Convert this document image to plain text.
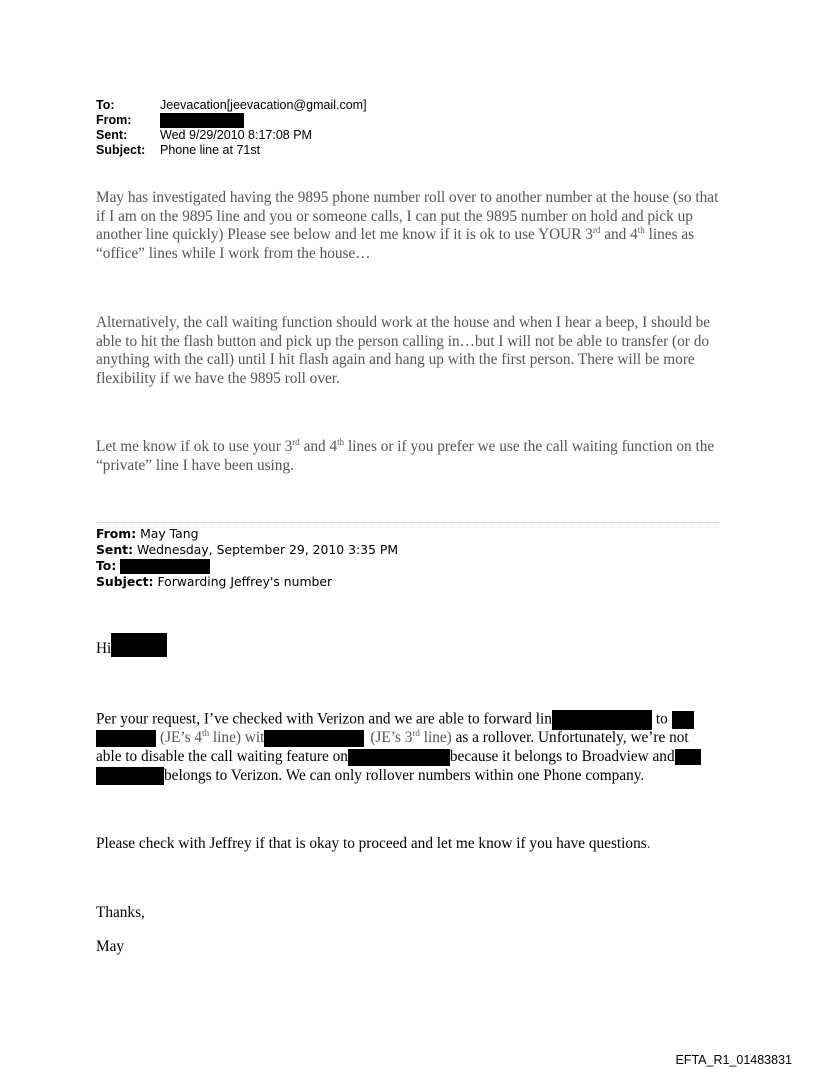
To:	Jeevacation[jeevacation@gmail.com]
From:
Sent:	Wed 9/29/2010 8:17:08 PM
Subject: Phone line at 71st

May has investigated having the 9895 phone number roll over to another number at the house (so that if I am on the 9895 line and you or someone calls, I can put the 9895 number on hold and pick up another line quickly) Please see below and let me know if it is ok to use YOUR 3rd and 4th lines as “office” lines while I work from the house…

Alternatively, the call waiting function should work at the house and when I hear a beep, I should be able to hit the flash button and pick up the person calling in…but I will not be able to transfer (or do anything with the call) until I hit flash again and hang up with the first person. There will be more flexibility if we have the 9895 roll over.

Let me know if ok to use your 3rd and 4th lines or if you prefer we use the call waiting function on the “private” line I have been using.

From: May Tang
Sent: Wednesday, September 29, 2010 3:35 PM
To:
Subject: Forwarding Jeffrey's number
Hi
Per your request, I’ve checked with Verizon and we are able to forward lin	to
(JE’s 4th line) wit	(JE’s 3rd line) as a rollover. Unfortunately, we’re not
able to disable the call waiting feature on	because it belongs to Broadview and
belongs to Verizon. We can only rollover numbers within one Phone company.
Please check with Jeffrey if that is okay to proceed and let me know if you have questions.
Thanks,
May
EFTA_R1_01483831
